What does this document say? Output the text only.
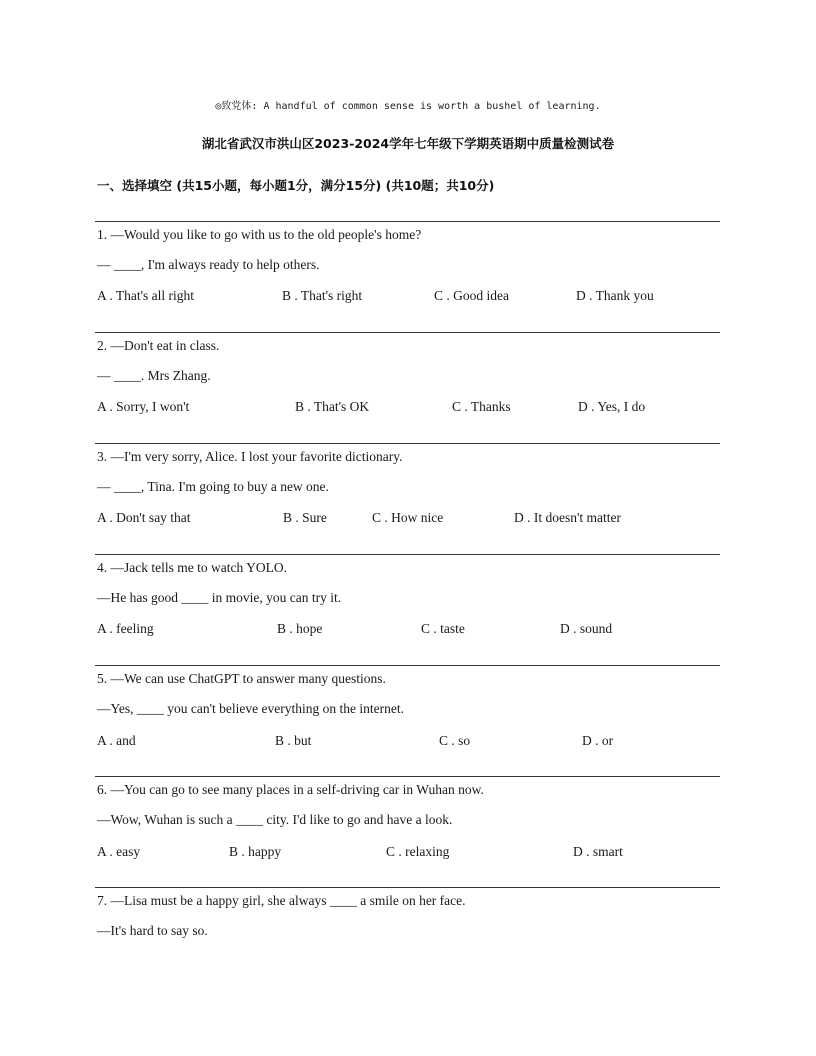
◎致党体: A handful of common sense is worth a bushel of learning.
湖北省武汉市洪山区2023-2024学年七年级下学期英语期中质量检测试卷
一、选择填空 (共15小题，每小题1分，满分15分) (共10题；共10分)
1. —Would you like to go with us to the old people's home?
— ____, I'm always ready to help others.
A . That's all right	B . That's right	C . Good idea	D . Thank you
2. —Don't eat in class.
— ____. Mrs Zhang.
A . Sorry, I won't	B . That's OK	C . Thanks	D . Yes, I do
3. —I'm very sorry, Alice. I lost your favorite dictionary.
— ____, Tina. I'm going to buy a new one.
A . Don't say that	B . Sure	C . How nice	D . It doesn't matter
4. —Jack tells me to watch YOLO.
—He has good ____ in movie, you can try it.
A . feeling	B . hope	C . taste	D . sound
5. —We can use ChatGPT to answer many questions.
—Yes, ____ you can't believe everything on the internet.
A . and	B . but	C . so	D . or
6. —You can go to see many places in a self-driving car in Wuhan now.
—Wow, Wuhan is such a ____ city. I'd like to go and have a look.
A . easy	B . happy	C . relaxing	D . smart
7. —Lisa must be a happy girl, she always ____ a smile on her face.
—It's hard to say so.
